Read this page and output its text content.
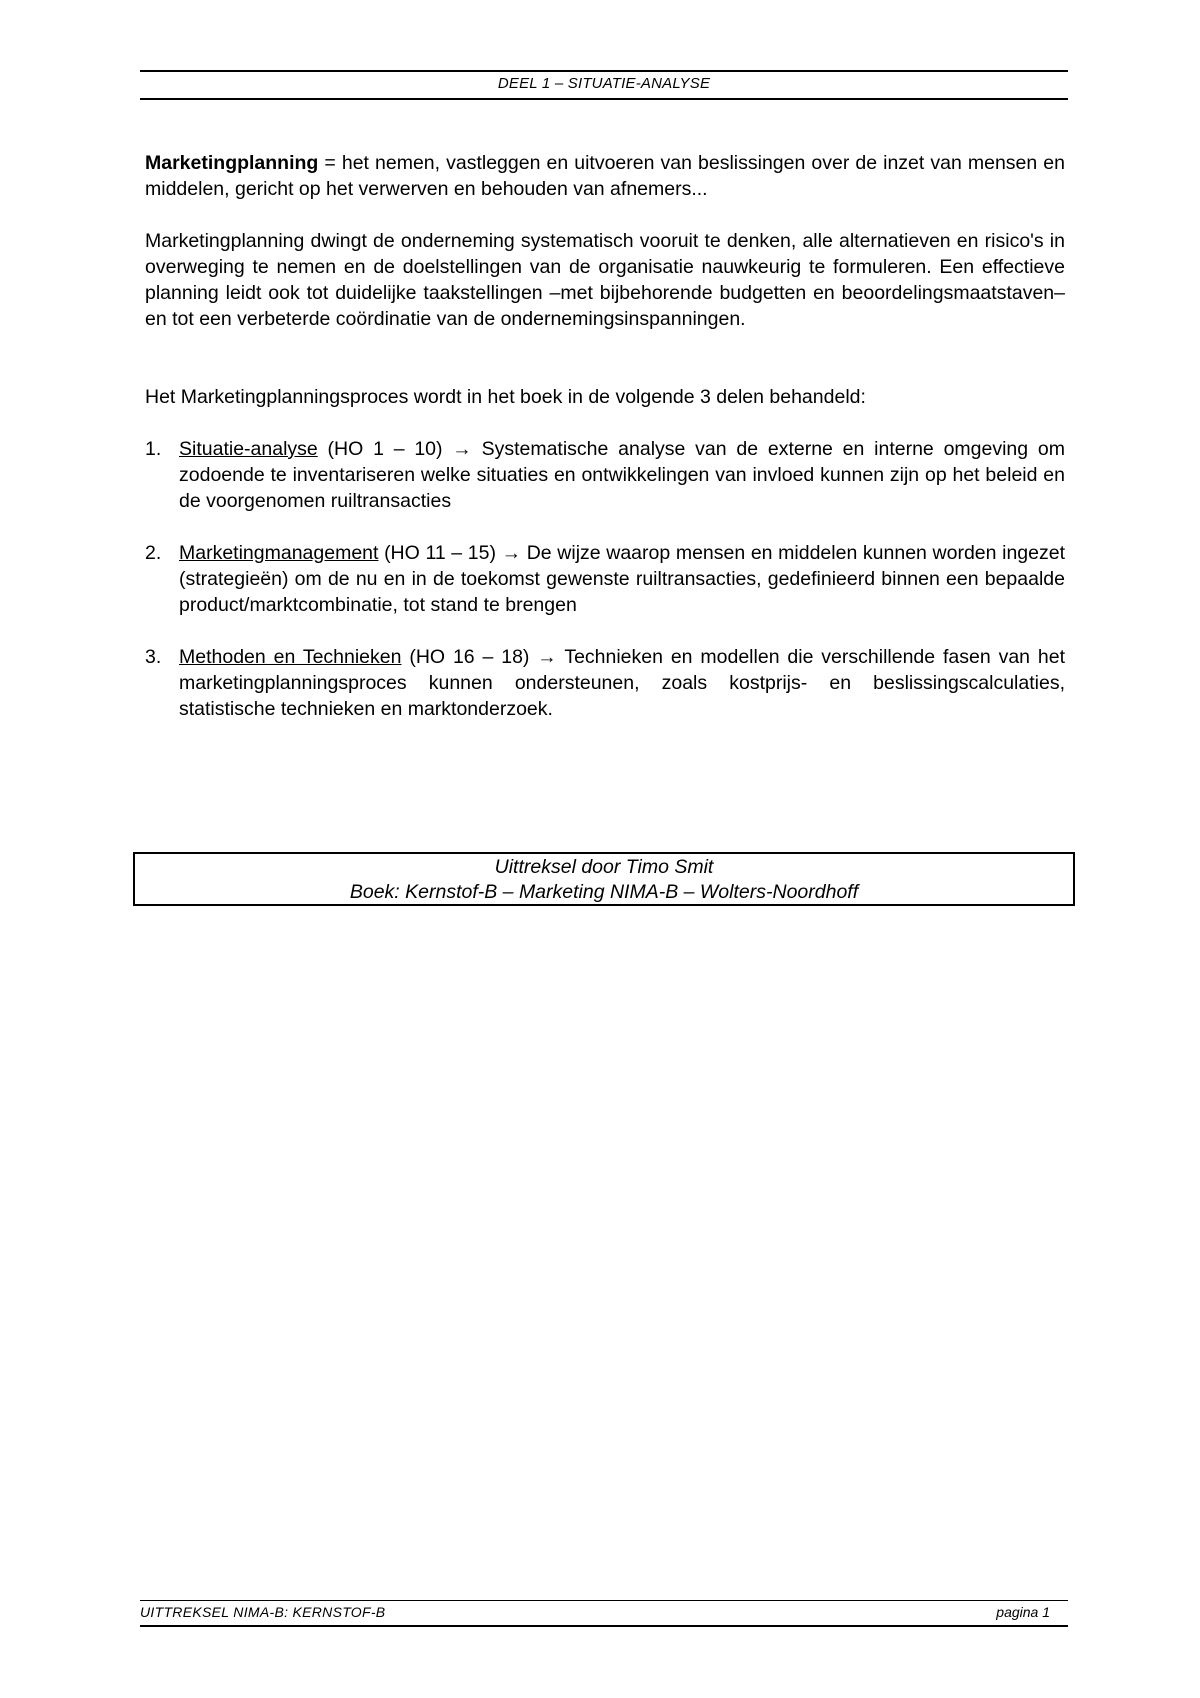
DEEL 1 – SITUATIE-ANALYSE

Marketingplanning = het nemen, vastleggen en uitvoeren van beslissingen over de inzet van mensen en middelen, gericht op het verwerven en behouden van afnemers...

Marketingplanning dwingt de onderneming systematisch vooruit te denken, alle alternatieven en risico's in overweging te nemen en de doelstellingen van de organisatie nauwkeurig te formuleren. Een effectieve planning leidt ook tot duidelijke taakstellingen –met bijbehorende budgetten en beoordelingsmaatstaven– en tot een verbeterde coördinatie van de ondernemingsinspanningen.

Het Marketingplanningsproces wordt in het boek in de volgende 3 delen behandeld:

1. Situatie-analyse (HO 1 – 10) → Systematische analyse van de externe en interne omgeving om zodoende te inventariseren welke situaties en ontwikkelingen van invloed kunnen zijn op het beleid en de voorgenomen ruiltransacties
2. Marketingmanagement (HO 11 – 15) → De wijze waarop mensen en middelen kunnen worden ingezet (strategieën) om de nu en in de toekomst gewenste ruiltransacties, gedefinieerd binnen een bepaalde product/marktcombinatie, tot stand te brengen
3. Methoden en Technieken (HO 16 – 18) → Technieken en modellen die verschillende fasen van het marketingplanningsproces kunnen ondersteunen, zoals kostprijs- en beslissingscalculaties, statistische technieken en marktonderzoek.
Uittreksel door Timo Smit
Boek: Kernstof-B – Marketing NIMA-B – Wolters-Noordhoff
UITTREKSEL NIMA-B: KERNSTOF-B	pagina 1
